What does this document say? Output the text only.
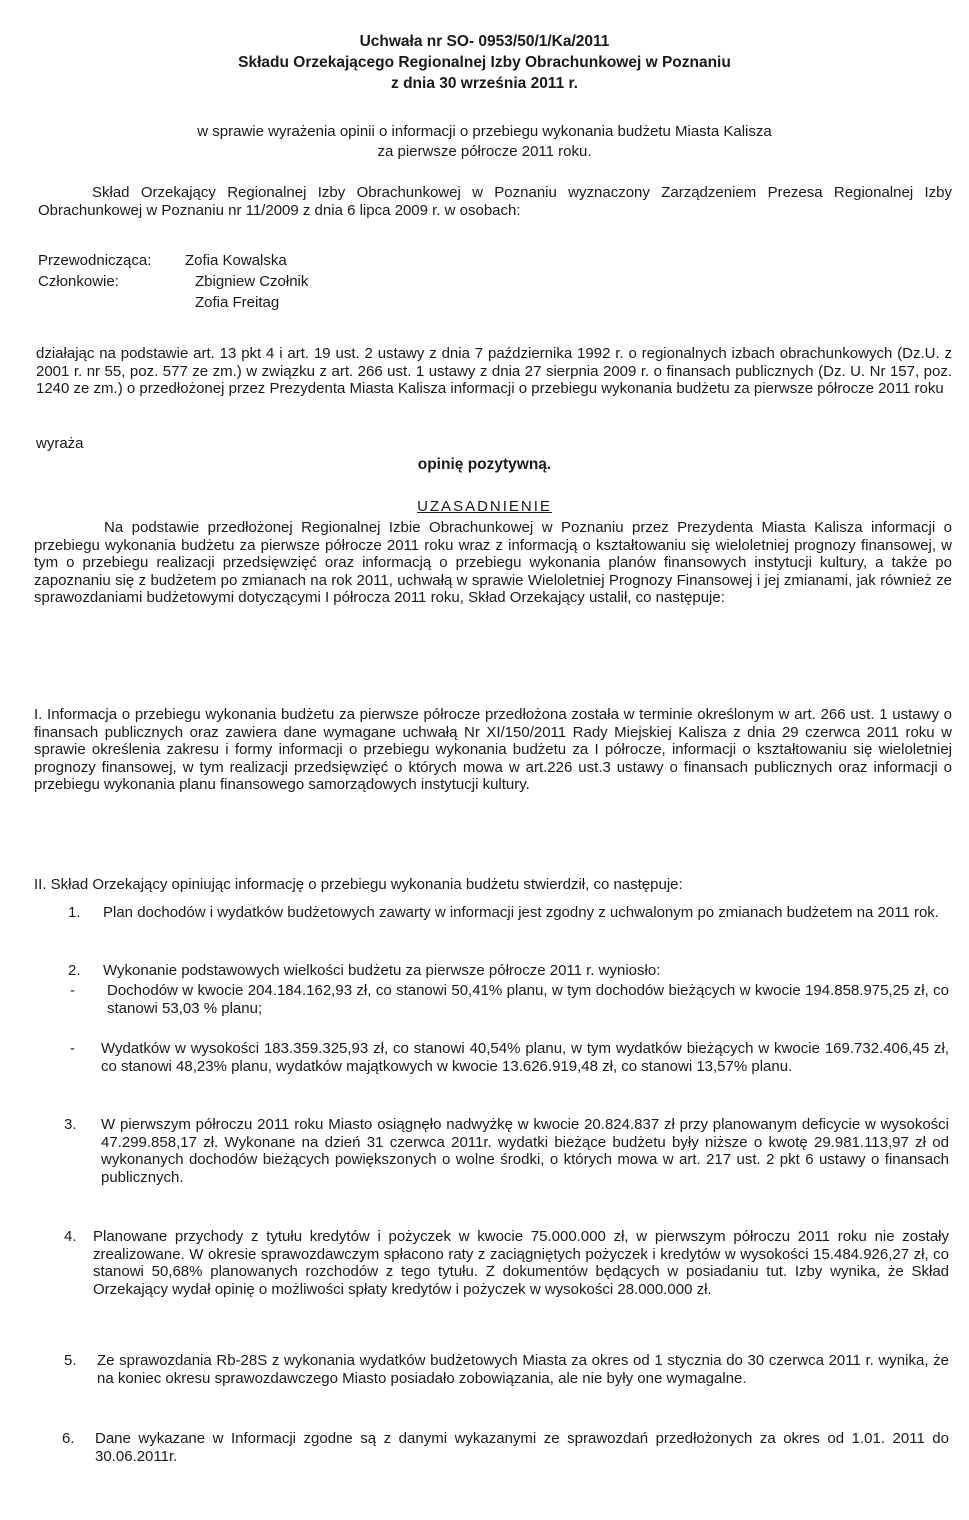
Uchwała nr SO- 0953/50/1/Ka/2011
Składu Orzekającego Regionalnej Izby Obrachunkowej w Poznaniu
z dnia 30 września 2011 r.
w sprawie wyrażenia opinii o informacji o przebiegu wykonania budżetu Miasta Kalisza
za pierwsze półrocze 2011 roku.
Skład Orzekający Regionalnej Izby Obrachunkowej w Poznaniu wyznaczony Zarządzeniem Prezesa Regionalnej Izby Obrachunkowej w Poznaniu nr 11/2009 z dnia 6 lipca 2009 r. w osobach:
Przewodnicząca: Zofia Kowalska
Członkowie:	Zbigniew Czołnik
Zofia Freitag
działając na podstawie art. 13 pkt 4 i art. 19 ust. 2 ustawy z dnia 7 października 1992 r. o regionalnych izbach obrachunkowych (Dz.U. z 2001 r. nr 55, poz. 577 ze zm.) w związku z art. 266 ust. 1 ustawy z dnia 27 sierpnia 2009 r. o finansach publicznych (Dz. U. Nr 157, poz. 1240 ze zm.) o przedłożonej przez Prezydenta Miasta Kalisza informacji o przebiegu wykonania budżetu za pierwsze półrocze 2011 roku
wyraża
opinię pozytywną.
UZASADNIENIE
Na podstawie przedłożonej Regionalnej Izbie Obrachunkowej w Poznaniu przez Prezydenta Miasta Kalisza informacji o przebiegu wykonania budżetu za pierwsze półrocze 2011 roku wraz z informacją o kształtowaniu się wieloletniej prognozy finansowej, w tym o przebiegu realizacji przedsięwzięć oraz informacją o przebiegu wykonania planów finansowych instytucji kultury, a także po zapoznaniu się z budżetem po zmianach na rok 2011, uchwałą w sprawie Wieloletniej Prognozy Finansowej i jej zmianami, jak również ze sprawozdaniami budżetowymi dotyczącymi I półrocza 2011 roku, Skład Orzekający ustalił, co następuje:
I. Informacja o przebiegu wykonania budżetu za pierwsze półrocze przedłożona została w terminie określonym w art. 266 ust. 1 ustawy o finansach publicznych oraz zawiera dane wymagane uchwałą Nr XI/150/2011 Rady Miejskiej Kalisza z dnia 29 czerwca 2011 roku w sprawie określenia zakresu i formy informacji o przebiegu wykonania budżetu za I półrocze, informacji o kształtowaniu się wieloletniej prognozy finansowej, w tym realizacji przedsięwzięć o których mowa w art.226 ust.3 ustawy o finansach publicznych oraz informacji o przebiegu wykonania planu finansowego samorządowych instytucji kultury.
II. Skład Orzekający opiniując informację o przebiegu wykonania budżetu stwierdził, co następuje:
1. Plan dochodów i wydatków budżetowych zawarty w informacji jest zgodny z uchwalonym po zmianach budżetem na 2011 rok.
2. Wykonanie podstawowych wielkości budżetu za pierwsze półrocze 2011 r. wyniosło:
- Dochodów w kwocie 204.184.162,93 zł, co stanowi 50,41% planu, w tym dochodów bieżących w kwocie 194.858.975,25 zł, co stanowi 53,03 % planu;
- Wydatków w wysokości 183.359.325,93 zł, co stanowi 40,54% planu, w tym wydatków bieżących w kwocie 169.732.406,45 zł, co stanowi 48,23% planu, wydatków majątkowych w kwocie 13.626.919,48 zł, co stanowi 13,57% planu.
3. W pierwszym półroczu 2011 roku Miasto osiągnęło nadwyżkę w kwocie 20.824.837 zł przy planowanym deficycie w wysokości 47.299.858,17 zł. Wykonane na dzień 31 czerwca 2011r. wydatki bieżące budżetu były niższe o kwotę 29.981.113,97 zł od wykonanych dochodów bieżących powiększonych o wolne środki, o których mowa w art. 217 ust. 2 pkt 6 ustawy o finansach publicznych.
4. Planowane przychody z tytułu kredytów i pożyczek w kwocie 75.000.000 zł, w pierwszym półroczu 2011 roku nie zostały zrealizowane. W okresie sprawozdawczym spłacono raty z zaciągniętych pożyczek i kredytów w wysokości 15.484.926,27 zł, co stanowi 50,68% planowanych rozchodów z tego tytułu. Z dokumentów będących w posiadaniu tut. Izby wynika, że Skład Orzekający wydał opinię o możliwości spłaty kredytów i pożyczek w wysokości 28.000.000 zł.
5. Ze sprawozdania Rb-28S z wykonania wydatków budżetowych Miasta za okres od 1 stycznia do 30 czerwca 2011 r. wynika, że na koniec okresu sprawozdawczego Miasto posiadało zobowiązania, ale nie były one wymagalne.
6. Dane wykazane w Informacji zgodne są z danymi wykazanymi ze sprawozdań przedłożonych za okres od 1.01. 2011 do 30.06.2011r.
